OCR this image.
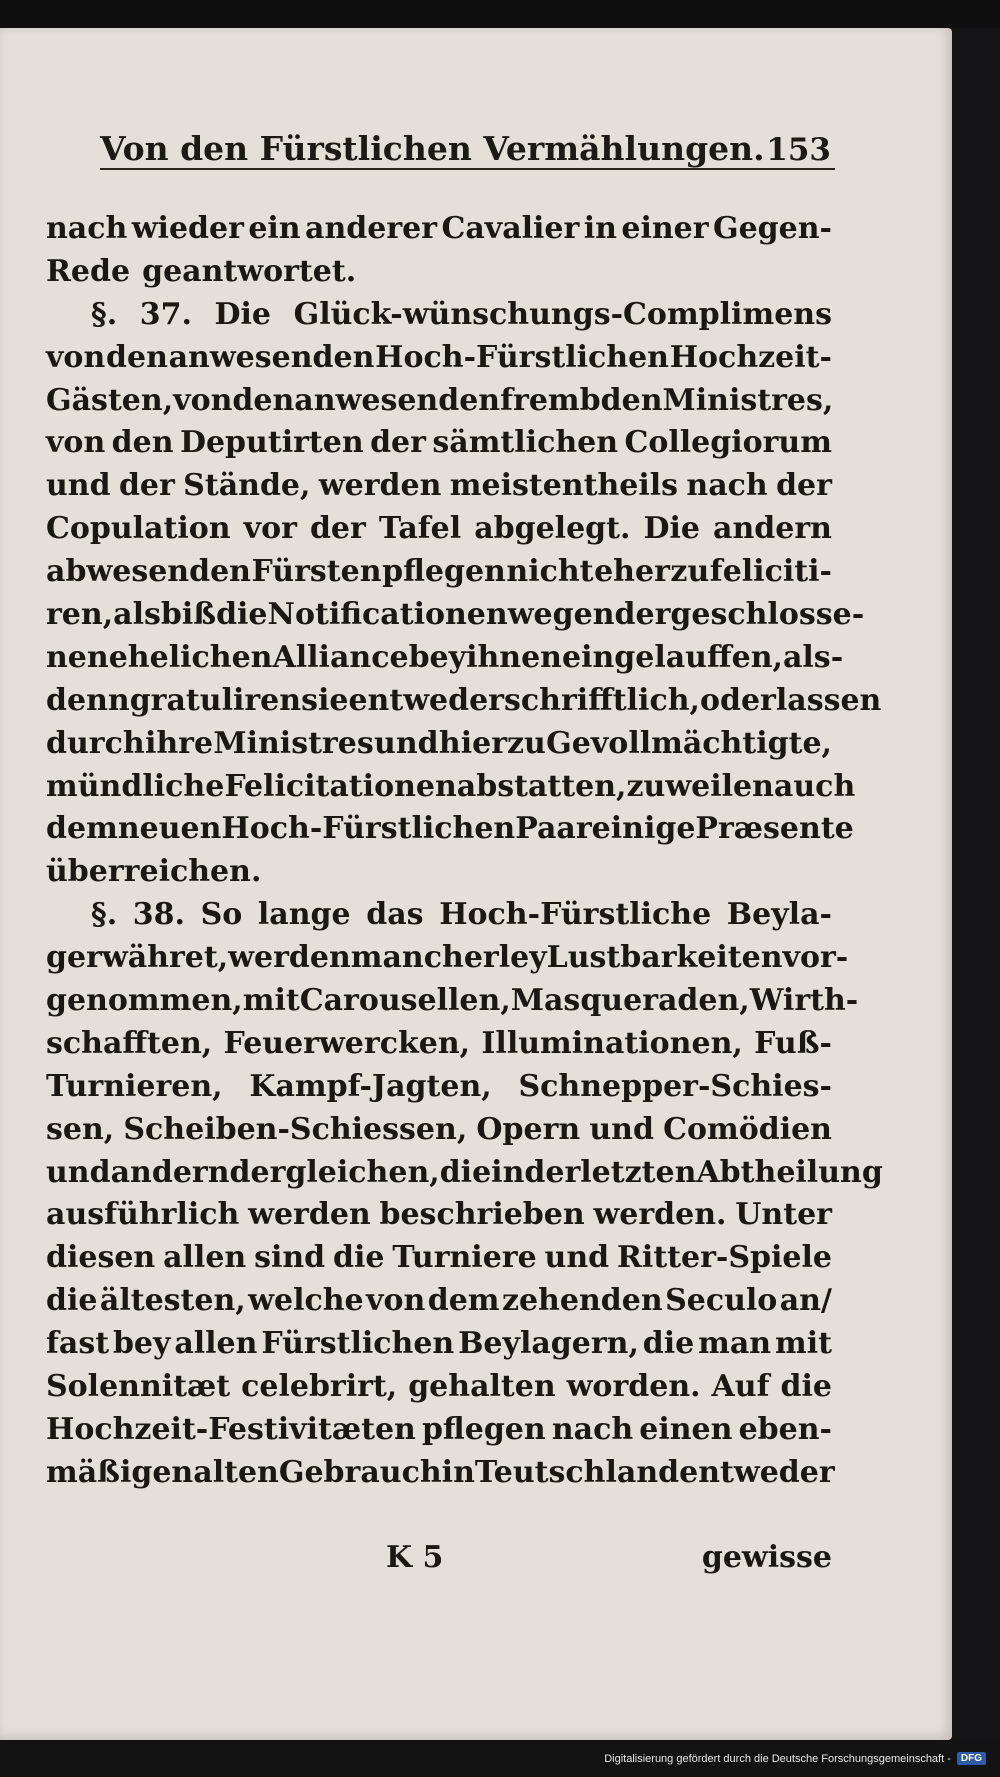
Von den Fürstlichen Vermählungen. 153
nach wieder ein anderer Cavalier in einer Gegen-
Rede geantwortet.
§. 37. Die Glück-wünschungs-Complimens
von den anwesenden Hoch-Fürstlichen Hochzeit-
Gästen, von den anwesenden frembden Ministres,
von den Deputirten der sämtlichen Collegiorum
und der Stände, werden meistentheils nach der
Copulation vor der Tafel abgelegt. Die andern
abwesenden Fürsten pflegen nicht eher zu feliciti-
ren, als biß die Notificationen wegen der geschlosse-
nen ehelichen Alliance bey ihnen eingelauffen, als-
denn gratuliren sie entweder schrifftlich, oder lassen
durch ihre Ministres und hierzu Gevollmächtigte,
mündliche Felicitationen abstatten, zuweilen auch
dem neuen Hoch-Fürstlichen Paar einige Præsente
überreichen.
§. 38. So lange das Hoch-Fürstliche Beyla-
ger währet, werden mancherley Lustbarkeiten vor-
genommen, mit Carousellen, Masqueraden, Wirth-
schafften, Feuerwercken, Illuminationen, Fuß-
Turnieren, Kampf-Jagten, Schnepper-Schies-
sen, Scheiben-Schiessen, Opern und Comödien
und andern dergleichen, die in der letzten Abtheilung
ausführlich werden beschrieben werden. Unter
diesen allen sind die Turniere und Ritter-Spiele
die ältesten, welche von dem zehenden Seculo an/
fast bey allen Fürstlichen Beylagern, die man mit
Solennitæt celebrirt, gehalten worden. Auf die
Hochzeit-Festivitæten pflegen nach einen eben-
mäßigen alten Gebrauch in Teutschland entweder
K 5	gewisse
Digitalisierung gefördert durch die Deutsche Forschungsgemeinschaft -	DFG
